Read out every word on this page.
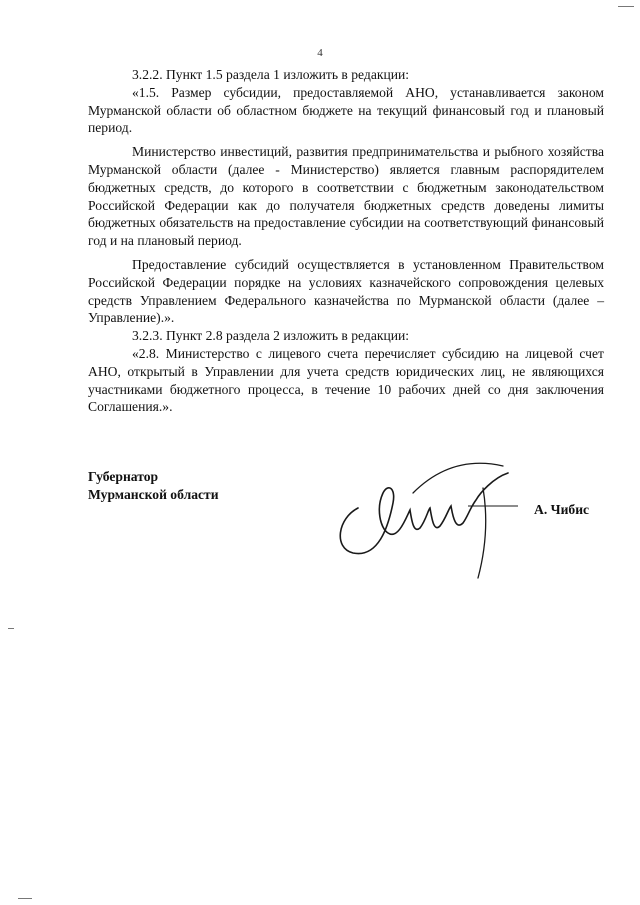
4

3.2.2. Пункт 1.5 раздела 1 изложить в редакции:

«1.5. Размер субсидии, предоставляемой АНО, устанавливается законом Мурманской области об областном бюджете на текущий финансовый год и плановый период.

Министерство инвестиций, развития предпринимательства и рыбного хозяйства Мурманской области (далее - Министерство) является главным распорядителем бюджетных средств, до которого в соответствии с бюджетным законодательством Российской Федерации как до получателя бюджетных средств доведены лимиты бюджетных обязательств на предоставление субсидии на соответствующий финансовый год и на плановый период.

Предоставление субсидий осуществляется в установленном Правительством Российской Федерации порядке на условиях казначейского сопровождения целевых средств Управлением Федерального казначейства по Мурманской области (далее – Управление).».

3.2.3. Пункт 2.8 раздела 2 изложить в редакции:

«2.8. Министерство с лицевого счета перечисляет субсидию на лицевой счет АНО, открытый в Управлении для учета средств юридических лиц, не являющихся участниками бюджетного процесса, в течение 10 рабочих дней со дня заключения Соглашения.».

Губернатор
Мурманской области
А. Чибис
